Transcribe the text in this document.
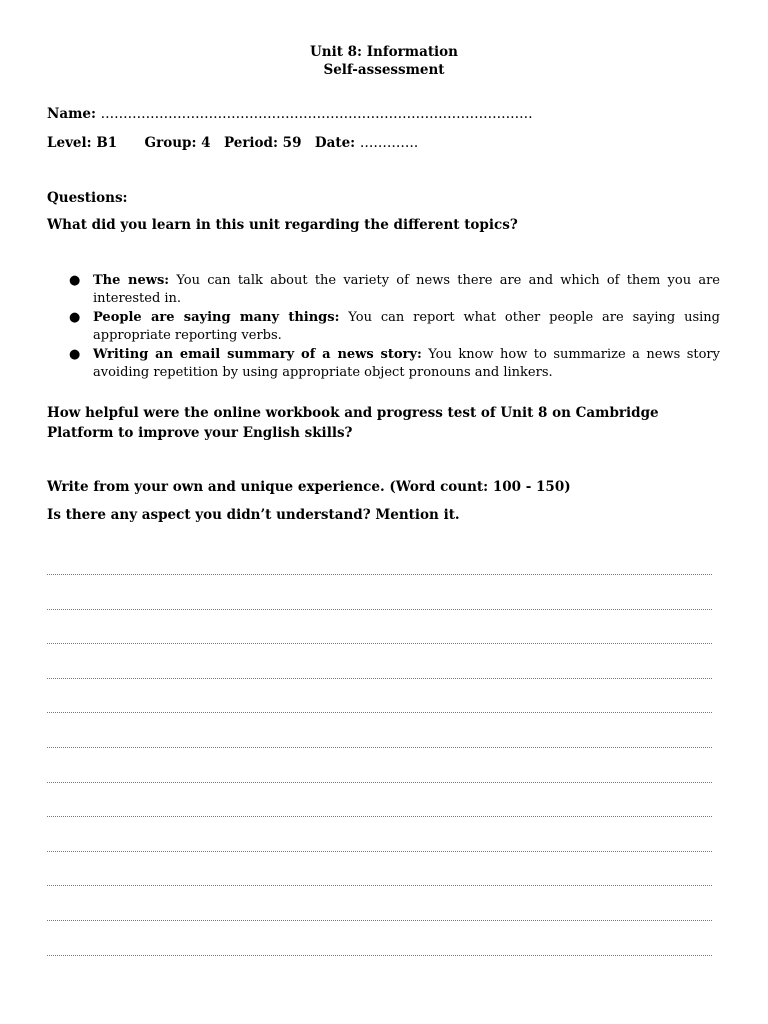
Unit 8: Information
Self-assessment
Name: ……………………………………………………………………………………
Level: B1 Group: 4 Period: 59 Date: ………….
Questions:
What did you learn in this unit regarding the different topics?
● The news: You can talk about the variety of news there are and which of them you are interested in.
● People are saying many things: You can report what other people are saying using appropriate reporting verbs.
● Writing an email summary of a news story: You know how to summarize a news story avoiding repetition by using appropriate object pronouns and linkers.
How helpful were the online workbook and progress test of Unit 8 on Cambridge Platform to improve your English skills?
Write from your own and unique experience. (Word count: 100 - 150)
Is there any aspect you didn’t understand? Mention it.
